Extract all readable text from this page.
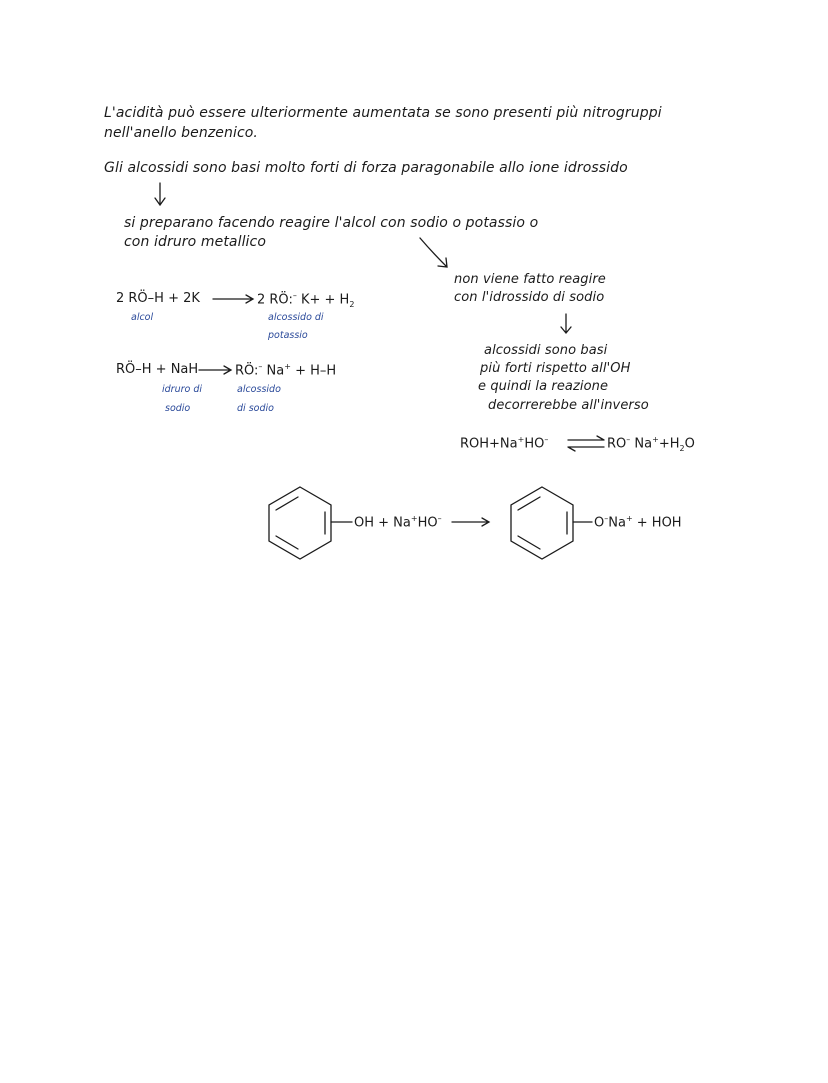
L'acidità può essere ulteriormente aumentata se sono presenti più nitrogruppi
nell'anello benzenico.
Gli alcossidi sono basi molto forti di forza paragonabile allo ione idrossido
si preparano facendo reagire l'alcol con sodio o potassio o
con idruro metallico
2 RÖ–H + 2K	2 RÖ:– $K+ + H_2$
alcol	alcossido di
potassio
RÖ–H + NaH	RÖ:– Na+ + H–H
idruro di
sodio
alcossido
di sodio
non viene fatto reagire
con l'idrossido di sodio
alcossidi sono basi
più forti rispetto all'OH
e quindi la reazione
decorrerebbe all'inverso
ROH+Na+HO–	RO– $Na^++H_2O$
OH + Na+HO–	O–Na+ + HOH
